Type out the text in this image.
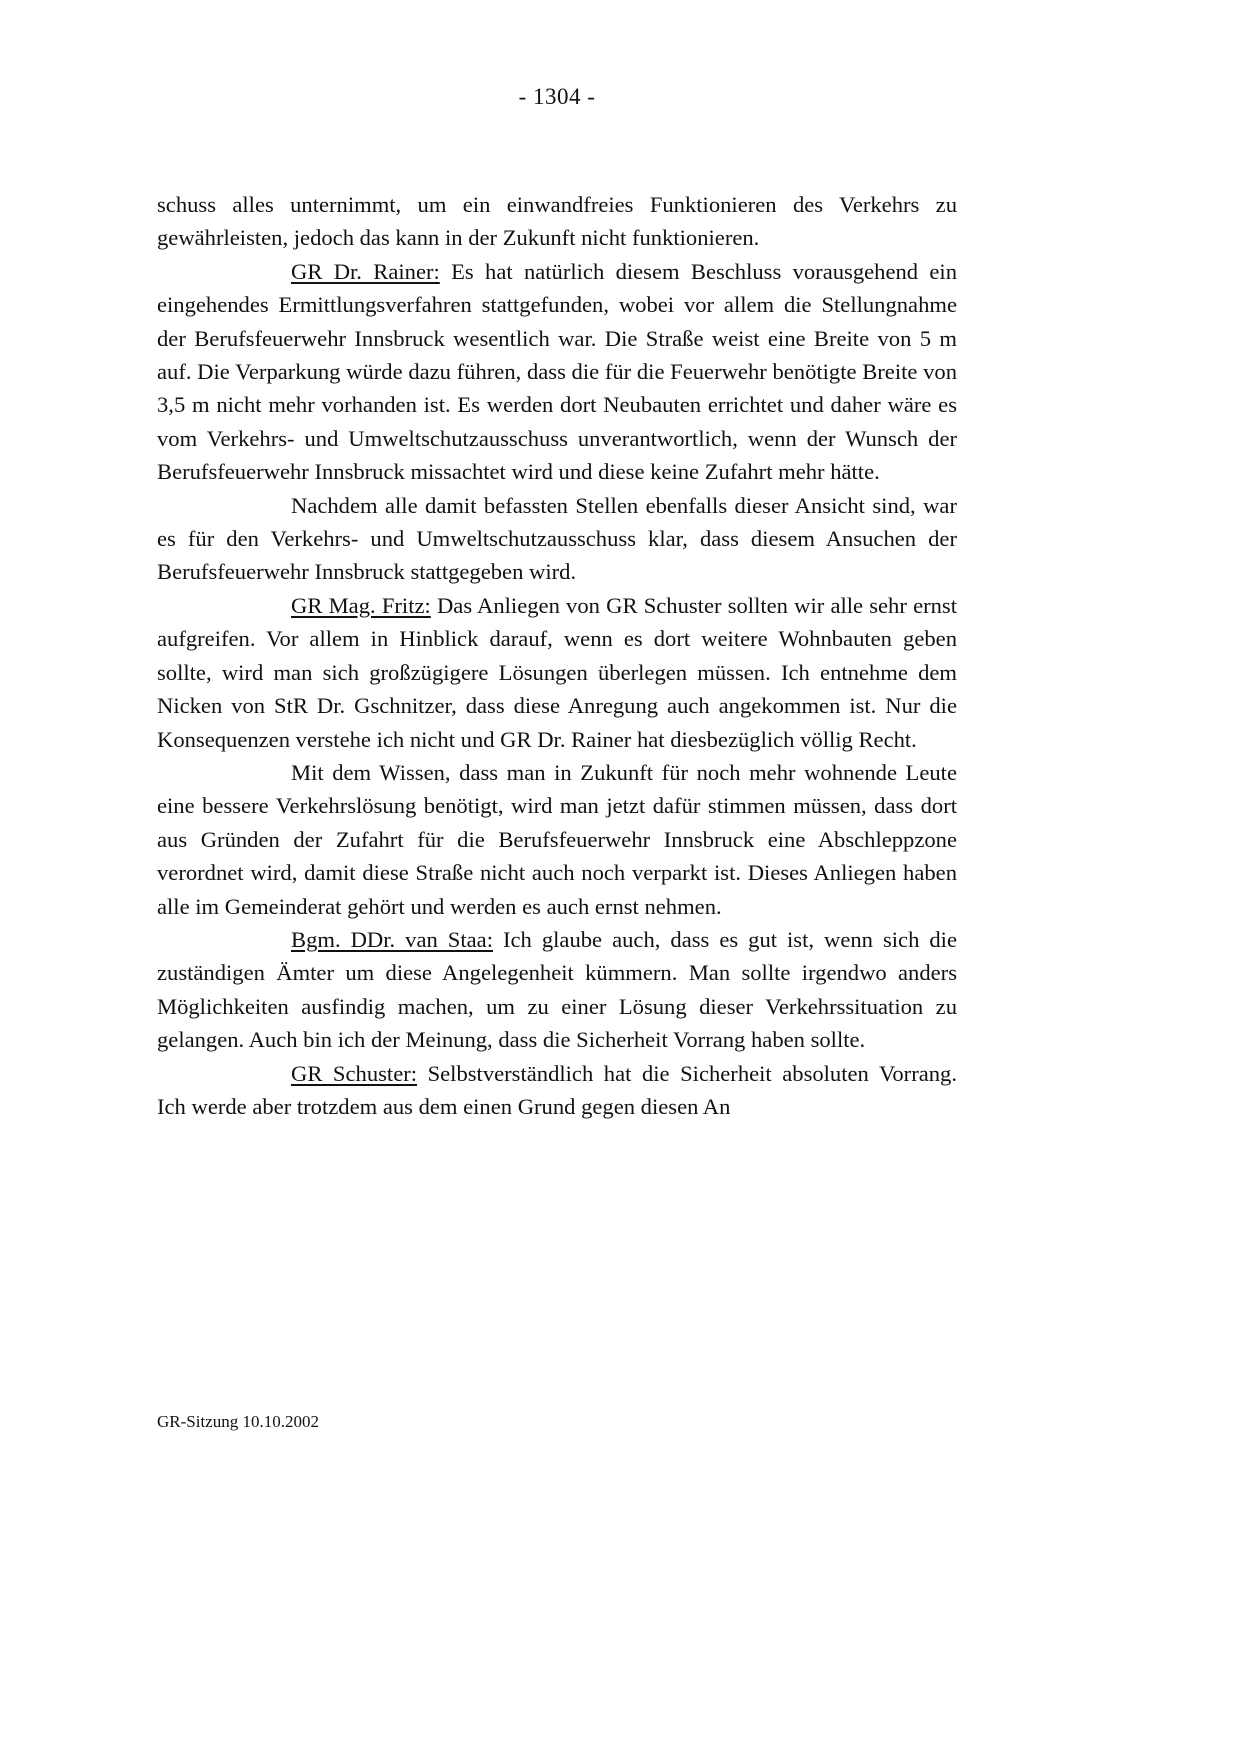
- 1304 -

schuss alles unternimmt, um ein einwandfreies Funktionieren des Verkehrs zu gewährleisten, jedoch das kann in der Zukunft nicht funktionieren.

GR Dr. Rainer: Es hat natürlich diesem Beschluss vorausgehend ein eingehendes Ermittlungsverfahren stattgefunden, wobei vor allem die Stellungnahme der Berufsfeuerwehr Innsbruck wesentlich war. Die Straße weist eine Breite von 5 m auf. Die Verparkung würde dazu führen, dass die für die Feuerwehr benötigte Breite von 3,5 m nicht mehr vorhanden ist. Es werden dort Neubauten errichtet und daher wäre es vom Verkehrs- und Umweltschutzausschuss unverantwortlich, wenn der Wunsch der Berufsfeuerwehr Innsbruck missachtet wird und diese keine Zufahrt mehr hätte.

Nachdem alle damit befassten Stellen ebenfalls dieser Ansicht sind, war es für den Verkehrs- und Umweltschutzausschuss klar, dass diesem Ansuchen der Berufsfeuerwehr Innsbruck stattgegeben wird.

GR Mag. Fritz: Das Anliegen von GR Schuster sollten wir alle sehr ernst aufgreifen. Vor allem in Hinblick darauf, wenn es dort weitere Wohnbauten geben sollte, wird man sich großzügigere Lösungen überlegen müssen. Ich entnehme dem Nicken von StR Dr. Gschnitzer, dass diese Anregung auch angekommen ist. Nur die Konsequenzen verstehe ich nicht und GR Dr. Rainer hat diesbezüglich völlig Recht.

Mit dem Wissen, dass man in Zukunft für noch mehr wohnende Leute eine bessere Verkehrslösung benötigt, wird man jetzt dafür stimmen müssen, dass dort aus Gründen der Zufahrt für die Berufsfeuerwehr Innsbruck eine Abschleppzone verordnet wird, damit diese Straße nicht auch noch verparkt ist. Dieses Anliegen haben alle im Gemeinderat gehört und werden es auch ernst nehmen.

Bgm. DDr. van Staa: Ich glaube auch, dass es gut ist, wenn sich die zuständigen Ämter um diese Angelegenheit kümmern. Man sollte irgendwo anders Möglichkeiten ausfindig machen, um zu einer Lösung dieser Verkehrssituation zu gelangen. Auch bin ich der Meinung, dass die Sicherheit Vorrang haben sollte.

GR Schuster: Selbstverständlich hat die Sicherheit absoluten Vorrang. Ich werde aber trotzdem aus dem einen Grund gegen diesen An

GR-Sitzung 10.10.2002
